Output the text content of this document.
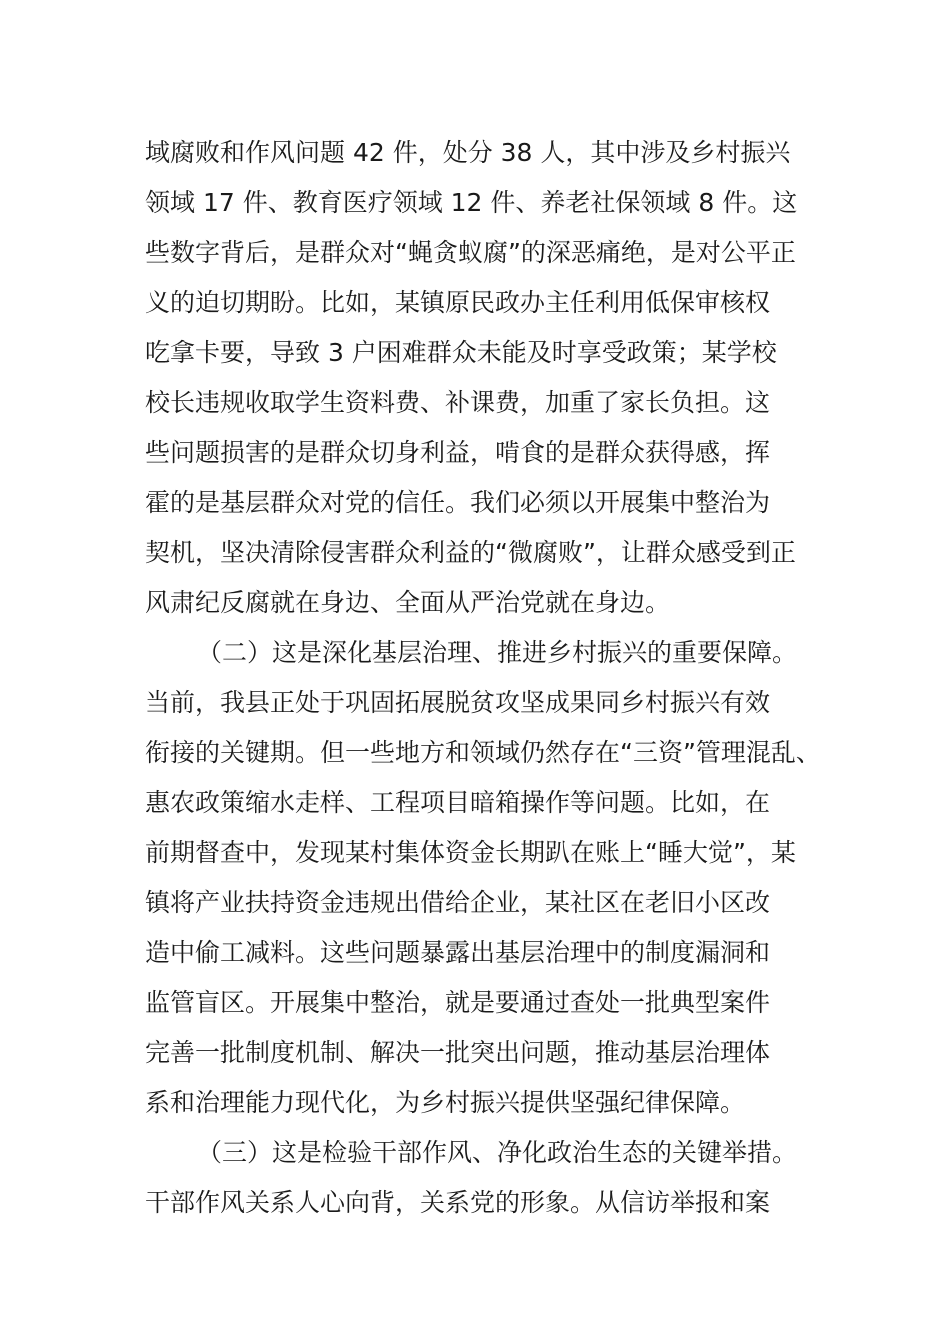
域腐败和作风问题 42 件，处分 38 人，其中涉及乡村振兴
领域 17 件、教育医疗领域 12 件、养老社保领域 8 件。这
些数字背后，是群众对“蝇贪蚁腐”的深恶痛绝，是对公平正
义的迫切期盼。比如，某镇原民政办主任利用低保审核权
吃拿卡要，导致 3 户困难群众未能及时享受政策；某学校
校长违规收取学生资料费、补课费，加重了家长负担。这
些问题损害的是群众切身利益，啃食的是群众获得感，挥
霍的是基层群众对党的信任。我们必须以开展集中整治为
契机，坚决清除侵害群众利益的“微腐败”，让群众感受到正
风肃纪反腐就在身边、全面从严治党就在身边。
（二）这是深化基层治理、推进乡村振兴的重要保障。
当前，我县正处于巩固拓展脱贫攻坚成果同乡村振兴有效
衔接的关键期。但一些地方和领域仍然存在“三资”管理混乱、
惠农政策缩水走样、工程项目暗箱操作等问题。比如，在
前期督查中，发现某村集体资金长期趴在账上“睡大觉”，某
镇将产业扶持资金违规出借给企业，某社区在老旧小区改
造中偷工减料。这些问题暴露出基层治理中的制度漏洞和
监管盲区。开展集中整治，就是要通过查处一批典型案件
完善一批制度机制、解决一批突出问题，推动基层治理体
系和治理能力现代化，为乡村振兴提供坚强纪律保障。
（三）这是检验干部作风、净化政治生态的关键举措。
干部作风关系人心向背，关系党的形象。从信访举报和案
